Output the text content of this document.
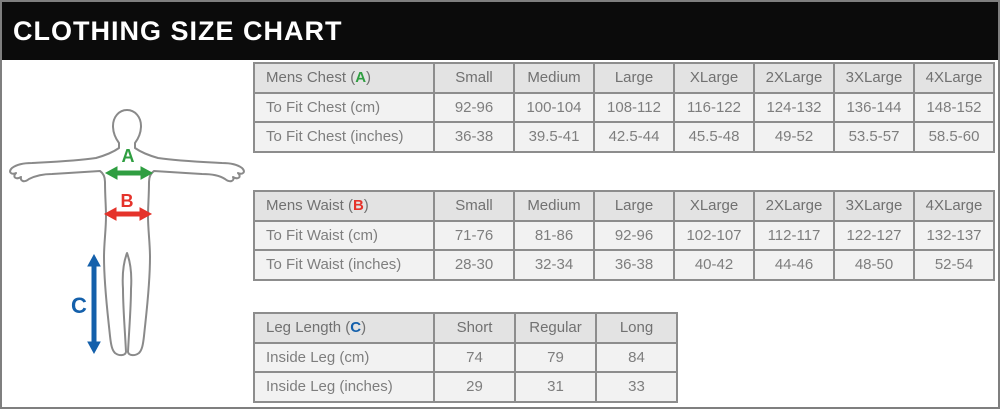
CLOTHING SIZE CHART
A
B
C
Mens Chest (A)	Small	Medium	Large	XLarge	2XLarge	3XLarge	4XLarge
To Fit Chest (cm)	92-96	100-104	108-112	116-122	124-132	136-144	148-152
To Fit Chest (inches)	36-38	39.5-41	42.5-44	45.5-48	49-52	53.5-57	58.5-60
Mens Waist (B)	Small	Medium	Large	XLarge	2XLarge	3XLarge	4XLarge
To Fit Waist (cm)	71-76	81-86	92-96	102-107	112-117	122-127	132-137
To Fit Waist (inches)	28-30	32-34	36-38	40-42	44-46	48-50	52-54
Leg Length (C)	Short	Regular	Long
Inside Leg (cm)	74	79	84
Inside Leg (inches)	29	31	33
